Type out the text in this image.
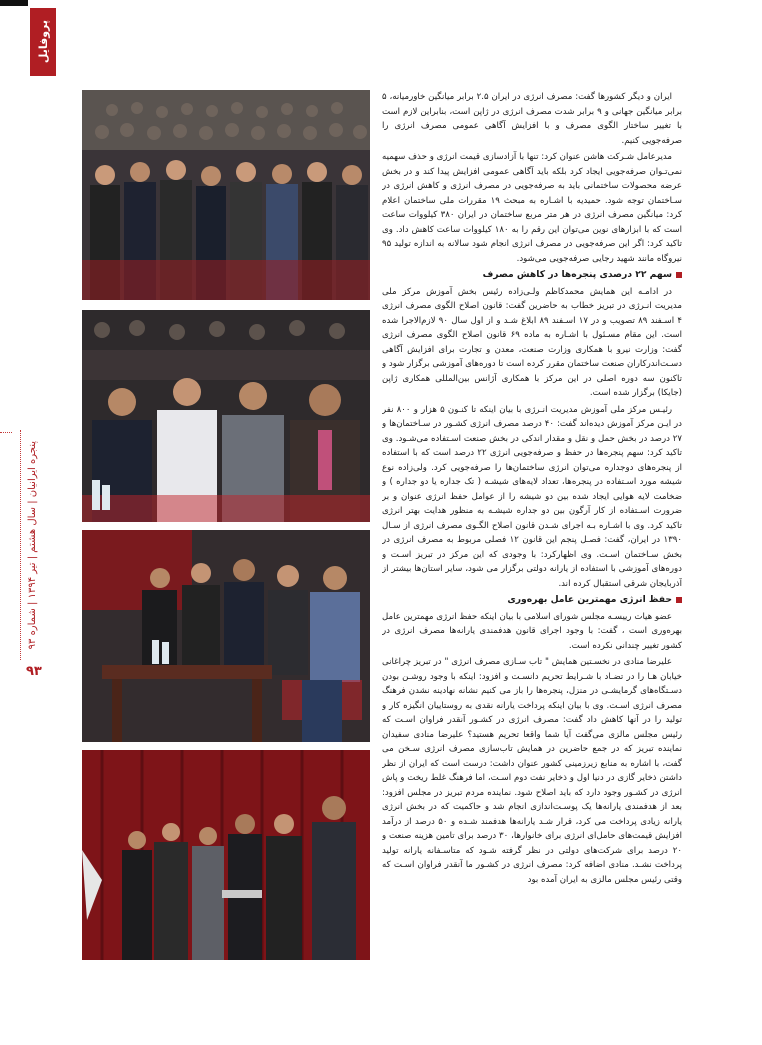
پروفایل
پنجره ایرانیان | سال هشتم | تیر ۱۳۹۴ | شماره ۹۳
۹۳

ایران و دیگر کشورها گفت: مصرف انرژی در ایران ۲.۵ برابر میانگین خاورمیانه، ۵ برابر میانگین جهانی و ۹ برابر شدت مصرف انرژی در ژاپن است، بنابراین لازم است با تغییر ساختار الگوی مصرف و با افزایش آگاهی عمومی مصرف انرژی را صرفه‌جویی کنیم.

مدیرعامل شـرکت هاشن عنوان کرد: تنها با آزادسازی قیمت انرژی و حذف سهمیه نمی‌تـوان صرفه‌جویی ایجاد کرد بلکه باید آگاهی عمومی افزایش پیدا کند و در بخش عرضه محصولات ساختمانی باید به صرفه‌جویی در مصرف انرژی و کاهش انرژی در سـاختمان توجه شود. حمیدیه با اشـاره به مبحث ۱۹ مقررات ملی ساختمان اعلام کرد: میانگین مصرف انرژی در هر متر مربع ساختمان در ایران ۳۸۰ کیلووات ساعت است که با ابزارهای نوین می‌توان این رقم را به ۱۸۰ کیلووات ساعت کاهش داد. وی تاکید کرد: اگر این صرفه‌جویی در مصرف انرژی انجام شود سالانه به اندازه تولید ۹۵ نیروگاه مانند شهید رجایی صرفه‌جویی می‌شود.

سهم ۲۲ درصدی پنجره‌ها در کاهش مصرف

در ادامـه این همایش محمدکاظم ولـی‌زاده رئیس بخش آموزش مرکز ملی مدیریت انـرژی در تبریز خطاب به حاضرین گفت: قانون اصلاح الگوی مصرف انرژی ۴ اسـفند ۸۹ تصویب و در ۱۷ اسـفند ۸۹ ابلاغ شـد و از اول سال ۹۰ لازم‌الاجرا شده است. این مقام مسـئول با اشـاره به ماده ۶۹ قانون اصلاح الگوی مصرف انرژی گفت: وزارت نیرو با همکاری وزارت صنعت، معدن و تجارت برای افزایش آگاهی دسـت‌اندرکاران صنعت ساختمان مقرر کرده است تا دوره‌های آموزشی برگزار شود و تاکنون سه دوره اصلی در این مرکز با همکاری آژانس بین‌المللی همکاری ژاپن (جایکا) برگزار شده است.

رئیـس مرکز ملی آموزش مدیریت انـرژی با بیان اینکه تا کنـون ۵ هزار و ۸۰۰ نفر در ایـن مرکز آموزش دیده‌اند گفت: ۴۰ درصد مصرف انرژی کشـور در سـاختمان‌ها و ۲۷ درصد در بخش حمل و نقل و مقدار اندکی در بخش صنعت اسـتفاده می‌شـود. وی تاکید کرد: سهم پنجره‌ها در حفظ و صرفه‌جویی انرژی ۲۲ درصد است که با استفاده از پنجره‌های دوجداره می‌توان انرژی ساختمان‌ها را صرفه‌جویی کرد. ولی‌زاده نوع شیشه مورد اسـتفاده در پنجره‌ها، تعداد لایه‌های شیشـه ( تک جداره یا دو جداره ) و ضخامت لایه هوایی ایجاد شده بین دو شیشه را از عوامل حفظ انرژی عنوان و بر ضرورت اسـتفاده از کار آرگون بین دو جداره شیشـه به منظور هدایت بهتر انرژی تاکید کرد. وی با اشـاره بـه اجرای شـدن قانون اصلاح الگـوی مصرف انرژی از سـال ۱۳۹۰ در ایران، گفت: فصـل پنجم این قانون ۱۲ فصلی مربوط به مصرف انرژی در بخش سـاختمان اسـت. وی اظهارکرد: با وجودی که این مرکز در تبریز اسـت و دوره‌های آموزشی با استفاده از یارانه دولتی برگزار می شود، سایر استان‌ها بیشتر از آذربایجان شرقی استقبال کرده اند.

حفظ انرژی مهمترین عامل بهره‌وری

عضو هیات رییسـه مجلس شورای اسلامی با بیان اینکه حفظ انرژی مهمترین عامل بهره‌وری است ، گفت: با وجود اجرای قانون هدفمندی یارانه‌ها مصرف انرژی در کشور تغییر چندانی نکرده است.

علیرضا منادی در نخسـتین همایش " تاب سـازی مصرف انرژی " در تبریز چراغانی خیابان هـا را در تضـاد با شـرایط تحریم دانسـت و افزود: اینکه با وجود روشـن بودن دسـتگاه‌های گرمایشـی در منزل، پنجره‌ها را باز می کنیم نشانه نهادینه نشدن فرهنگ مصرف انرژی اسـت. وی با بیان اینکه پرداخت یارانه نقدی به روستاییان انگیزه کار و تولید را در آنها کاهش داد گفت: مصرف انرژی در کشـور آنقدر فراوان اسـت که رئیس مجلس مالزی می‌گفت آیا شما واقعا تحریم هستید؟ علیرضا منادی سفیدان نماینده تبریز که در جمع حاضرین در همایش تاب‌سازی مصرف انرژی سـخن می گفت، با اشاره به منابع زیرزمینی کشور عنوان داشت: درست است که ایران از نظر داشتن ذخایر گازی در دنیا اول و ذخایر نفت دوم اسـت، اما فرهنگ غلط ریخت و پاش انرژی در کشـور وجود دارد که باید اصلاح شود. نماینده مردم تبریز در مجلس افزود: بعد از هدفمندی یارانه‌ها یک پوسـت‌اندازی انجام شد و حاکمیت که در بخش انرژی یارانه زیادی پرداخت می کرد، قرار شـد یارانه‌ها هدفمند شـده و ۵۰ درصد از درآمد افزایش قیمت‌های حامل‌ای انرژی برای خانوارها، ۳۰ درصد برای تامین هزینه صنعت و ۲۰ درصد برای شرکت‌های دولتی در نظر گرفته شـود که متاسـفانه یارانه تولید پرداخت نشـد. منادی اضافه کرد: مصرف انرژی در کشـور ما آنقدر فراوان اسـت که وقتی رئیس مجلس مالزی به ایران آمده بود
